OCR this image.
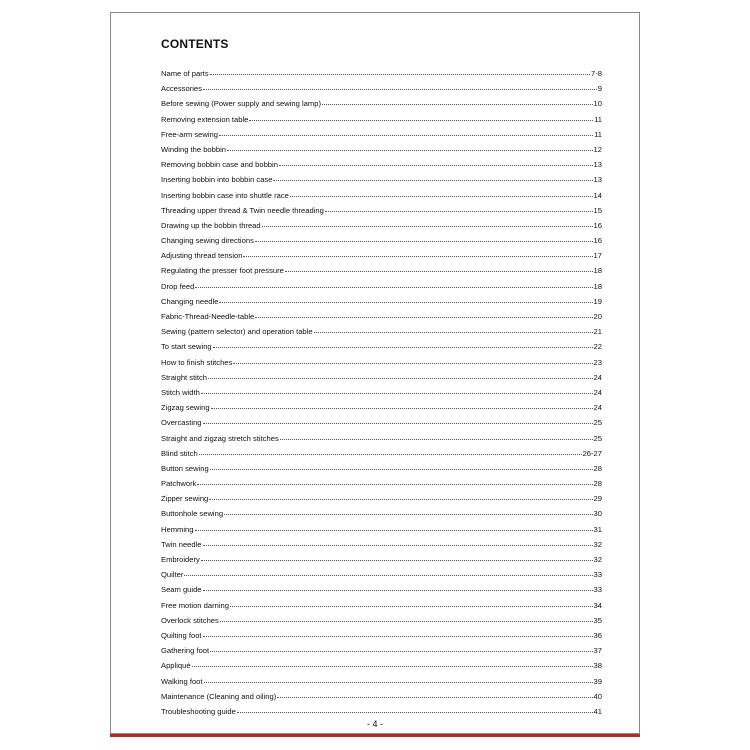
CONTENTS
Name of parts	7-8
Accessories	9
Before sewing (Power supply and sewing lamp)	10
Removing extension table	11
Free-arm sewing	11
Winding the bobbin	12
Removing bobbin case and bobbin	13
Inserting bobbin into bobbin case	13
Inserting bobbin case into shuttle race	14
Threading upper thread & Twin needle threading	15
Drawing up the bobbin thread	16
Changing sewing directions	16
Adjusting thread tension	17
Regulating the presser foot pressure	18
Drop feed	18
Changing needle	19
Fabric-Thread-Needle-table	20
Sewing (pattern selector) and operation table	21
To start sewing	22
How to finish stitches	23
Straight stitch	24
Stitch width	24
Zigzag sewing	24
Overcasting	25
Straight and zigzag stretch stitches	25
Blind stitch	26-27
Button sewing	28
Patchwork	28
Zipper sewing	29
Buttonhole sewing	30
Hemming	31
Twin needle	32
Embroidery	32
Quilter	33
Seam guide	33
Free motion darning	34
Overlock stitches	35
Quilting foot	36
Gathering foot	37
Appliqué	38
Walking foot	39
Maintenance (Cleaning and oiling)	40
Troubleshooting guide	41
- 4 -
